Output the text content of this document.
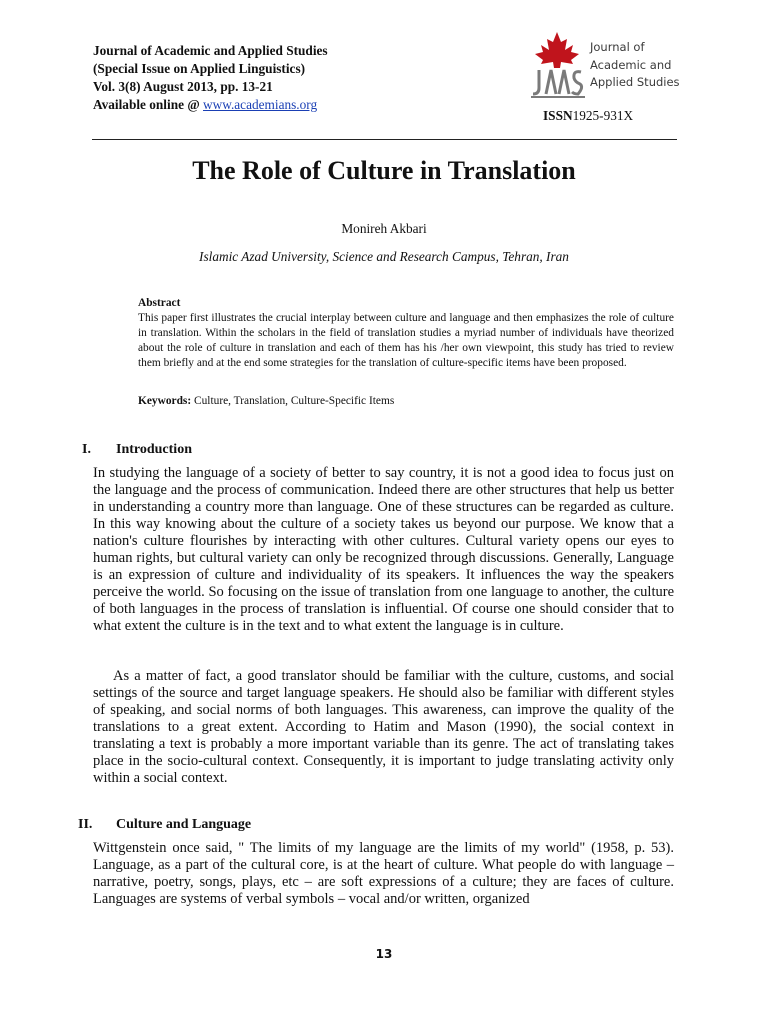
Journal of Academic and Applied Studies
(Special Issue on Applied Linguistics)
Vol. 3(8) August 2013, pp. 13-21
Available online @ www.academians.org
Journal of
Academic and
Applied Studies
ISSN1925-931X
The Role of Culture in Translation
Monireh Akbari
Islamic Azad University, Science and Research Campus, Tehran, Iran
Abstract
This paper first illustrates the crucial interplay between culture and language and then emphasizes the role of culture in translation. Within the scholars in the field of translation studies a myriad number of individuals have theorized about the role of culture in translation and each of them has his /her own viewpoint, this study has tried to review them briefly and at the end some strategies for the translation of culture-specific items have been proposed.
Keywords: Culture, Translation, Culture-Specific Items
I. Introduction
In studying the language of a society of better to say country, it is not a good idea to focus just on the language and the process of communication. Indeed there are other structures that help us better in understanding a country more than language. One of these structures can be regarded as culture. In this way knowing about the culture of a society takes us beyond our purpose. We know that a nation's culture flourishes by interacting with other cultures. Cultural variety opens our eyes to human rights, but cultural variety can only be recognized through discussions. Generally, Language is an expression of culture and individuality of its speakers. It influences the way the speakers perceive the world. So focusing on the issue of translation from one language to another, the culture of both languages in the process of translation is influential. Of course one should consider that to what extent the culture is in the text and to what extent the language is in culture.
As a matter of fact, a good translator should be familiar with the culture, customs, and social settings of the source and target language speakers. He should also be familiar with different styles of speaking, and social norms of both languages. This awareness, can improve the quality of the translations to a great extent. According to Hatim and Mason (1990), the social context in translating a text is probably a more important variable than its genre. The act of translating takes place in the socio-cultural context. Consequently, it is important to judge translating activity only within a social context.
II. Culture and Language
Wittgenstein once said, " The limits of my language are the limits of my world" (1958, p. 53). Language, as a part of the cultural core, is at the heart of culture. What people do with language – narrative, poetry, songs, plays, etc – are soft expressions of a culture; they are faces of culture. Languages are systems of verbal symbols – vocal and/or written, organized
13
